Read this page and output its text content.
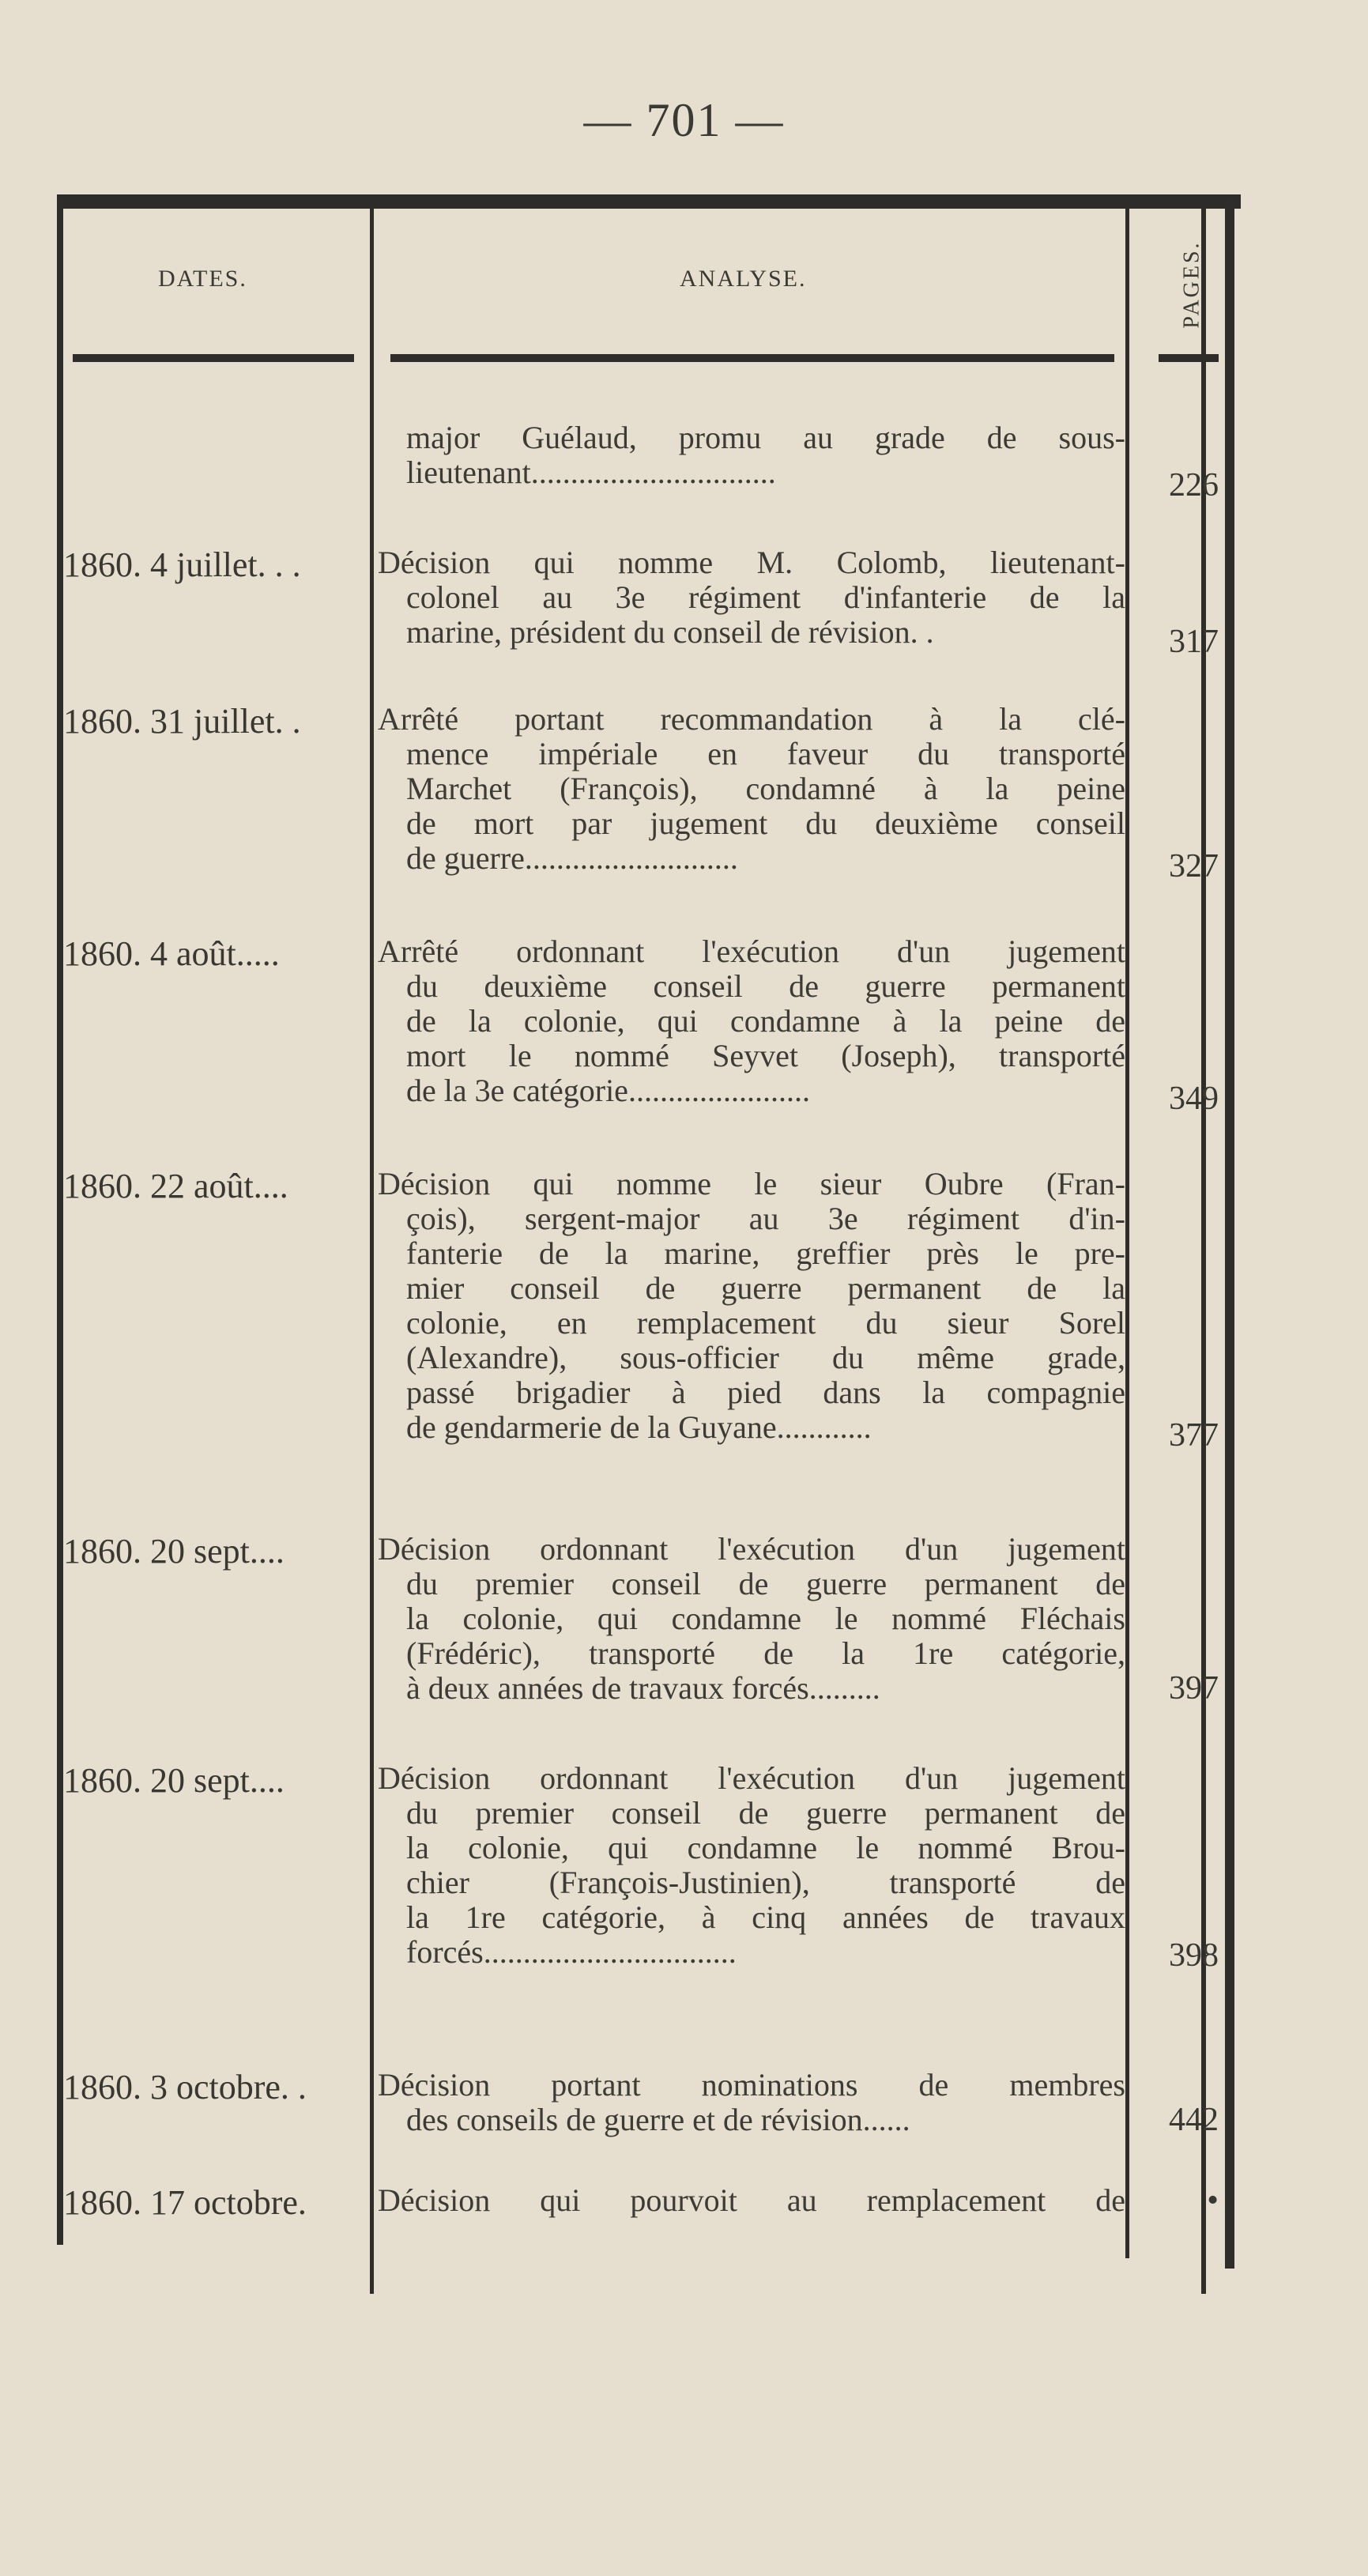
— 701 —
DATES.	ANALYSE.	PAGES.
major Guélaud, promu au grade de sous-
lieutenant...............................	226
1860. 4 juillet. . .	Décision qui nomme M. Colomb, lieutenant-
colonel au 3e régiment d'infanterie de la
marine, président du conseil de révision. .	317
1860. 31 juillet. .	Arrêté portant recommandation à la clé-
mence impériale en faveur du transporté
Marchet (François), condamné à la peine
de mort par jugement du deuxième conseil
de guerre...........................	327
1860. 4 août.....	Arrêté ordonnant l'exécution d'un jugement
du deuxième conseil de guerre permanent
de la colonie, qui condamne à la peine de
mort le nommé Seyvet (Joseph), transporté
de la 3e catégorie.......................	349
1860. 22 août....	Décision qui nomme le sieur Oubre (Fran-
çois), sergent-major au 3e régiment d'in-
fanterie de la marine, greffier près le pre-
mier conseil de guerre permanent de la
colonie, en remplacement du sieur Sorel
(Alexandre), sous-officier du même grade,
passé brigadier à pied dans la compagnie
de gendarmerie de la Guyane............	377
1860. 20 sept....	Décision ordonnant l'exécution d'un jugement
du premier conseil de guerre permanent de
la colonie, qui condamne le nommé Fléchais
(Frédéric), transporté de la 1re catégorie,
à deux années de travaux forcés.........	397
1860. 20 sept....	Décision ordonnant l'exécution d'un jugement
du premier conseil de guerre permanent de
la colonie, qui condamne le nommé Brou-
chier (François-Justinien), transporté de
la 1re catégorie, à cinq années de travaux
forcés................................	398
1860. 3 octobre. .	Décision portant nominations de membres
des conseils de guerre et de révision......	442
1860. 17 octobre.	Décision qui pourvoit au remplacement de	•
